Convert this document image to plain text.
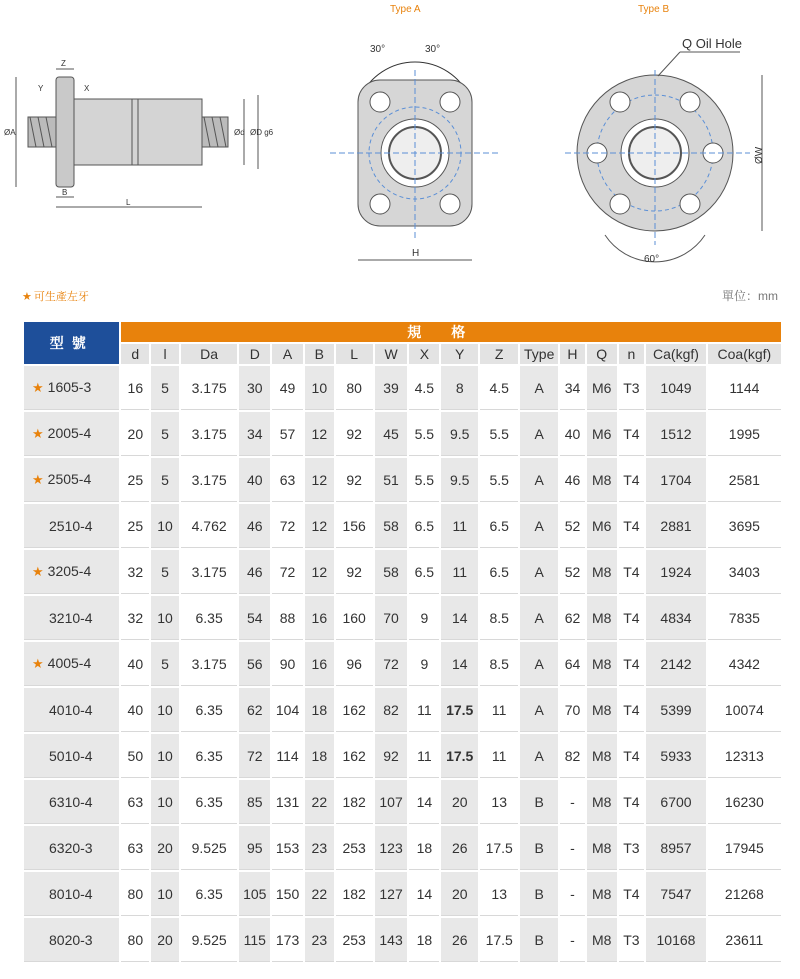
Z
Y	X
ØA
B
L
Ød ØD g6
Type A	Type B
30°	30°
H
Q Oil Hole
ØW
60°
★ 可生產左牙	單位：mm
型號	規格																
	d	l	Da	D	A	B	L	W	X	Y	Z	Type	H	Q	n	Ca(kgf)	Coa(kgf)
★ 1605-3	16	5	3.175	30	49	10	80	39	4.5	8	4.5	A	34	M6	T3	1049	1144
★ 2005-4	20	5	3.175	34	57	12	92	45	5.5	9.5	5.5	A	40	M6	T4	1512	1995
★ 2505-4	25	5	3.175	40	63	12	92	51	5.5	9.5	5.5	A	46	M8	T4	1704	2581
2510-4	25	10	4.762	46	72	12	156	58	6.5	11	6.5	A	52	M6	T4	2881	3695
★ 3205-4	32	5	3.175	46	72	12	92	58	6.5	11	6.5	A	52	M8	T4	1924	3403
3210-4	32	10	6.35	54	88	16	160	70	9	14	8.5	A	62	M8	T4	4834	7835
★ 4005-4	40	5	3.175	56	90	16	96	72	9	14	8.5	A	64	M8	T4	2142	4342
4010-4	40	10	6.35	62	104	18	162	82	11	17.5	11	A	70	M8	T4	5399	10074
5010-4	50	10	6.35	72	114	18	162	92	11	17.5	11	A	82	M8	T4	5933	12313
6310-4	63	10	6.35	85	131	22	182	107	14	20	13	B	-	M8	T4	6700	16230
6320-3	63	20	9.525	95	153	23	253	123	18	26	17.5	B	-	M8	T3	8957	17945
8010-4	80	10	6.35	105	150	22	182	127	14	20	13	B	-	M8	T4	7547	21268
8020-3	80	20	9.525	115	173	23	253	143	18	26	17.5	B	-	M8	T3	10168	23611
